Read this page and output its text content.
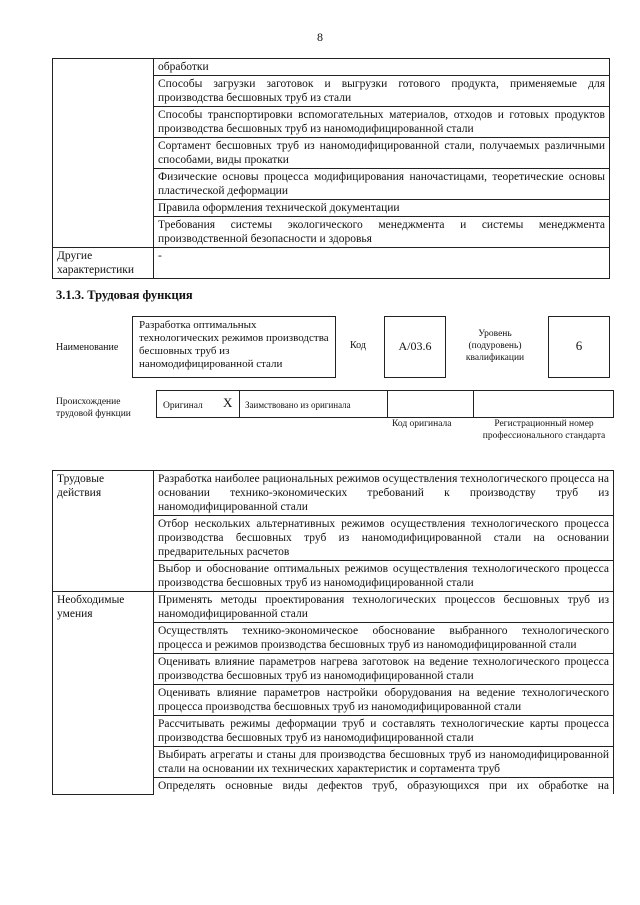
8
	обработки
	Способы загрузки заготовок и выгрузки готового продукта, применяемые для производства бесшовных труб из стали
	Способы транспортировки вспомогательных материалов, отходов и готовых продуктов производства бесшовных труб из наномодифицированной стали
	Сортамент бесшовных труб из наномодифицированной стали, получаемых различными способами, виды прокатки
	Физические основы процесса модифицирования наночастицами, теоретические основы пластической деформации
	Правила оформления технической документации
	Требования системы экологического менеджмента и системы менеджмента производственной безопасности и здоровья
Другие характеристики	-
3.1.3. Трудовая функция
Наименование
Разработка оптимальных технологических режимов производства бесшовных труб из наномодифицированной стали
Код	А/03.6
Уровень (подуровень) квалификации
6
Происхождение трудовой функции
Оригинал X Заимствовано из оригинала
Код оригинала	Регистрационный номер профессионального стандарта
Трудовые действия	Разработка наиболее рациональных режимов осуществления технологического процесса на основании технико-экономических требований к производству труб из наномодифицированной стали
	Отбор нескольких альтернативных режимов осуществления технологического процесса производства бесшовных труб из наномодифицированной стали на основании предварительных расчетов
	Выбор и обоснование оптимальных режимов осуществления технологического процесса производства бесшовных труб из наномодифицированной стали
Необходимые умения	Применять методы проектирования технологических процессов бесшовных труб из наномодифицированной стали
	Осуществлять технико-экономическое обоснование выбранного технологического процесса и режимов производства бесшовных труб из наномодифицированной стали
	Оценивать влияние параметров нагрева заготовок на ведение технологического процесса производства бесшовных труб из наномодифицированной стали
	Оценивать влияние параметров настройки оборудования на ведение технологического процесса производства бесшовных труб из наномодифицированной стали
	Рассчитывать режимы деформации труб и составлять технологические карты процесса производства бесшовных труб из наномодифицированной стали
	Выбирать агрегаты и станы для производства бесшовных труб из наномодифицированной стали на основании их технических характеристик и сортамента труб
	Определять основные виды дефектов труб, образующихся при их обработке на
